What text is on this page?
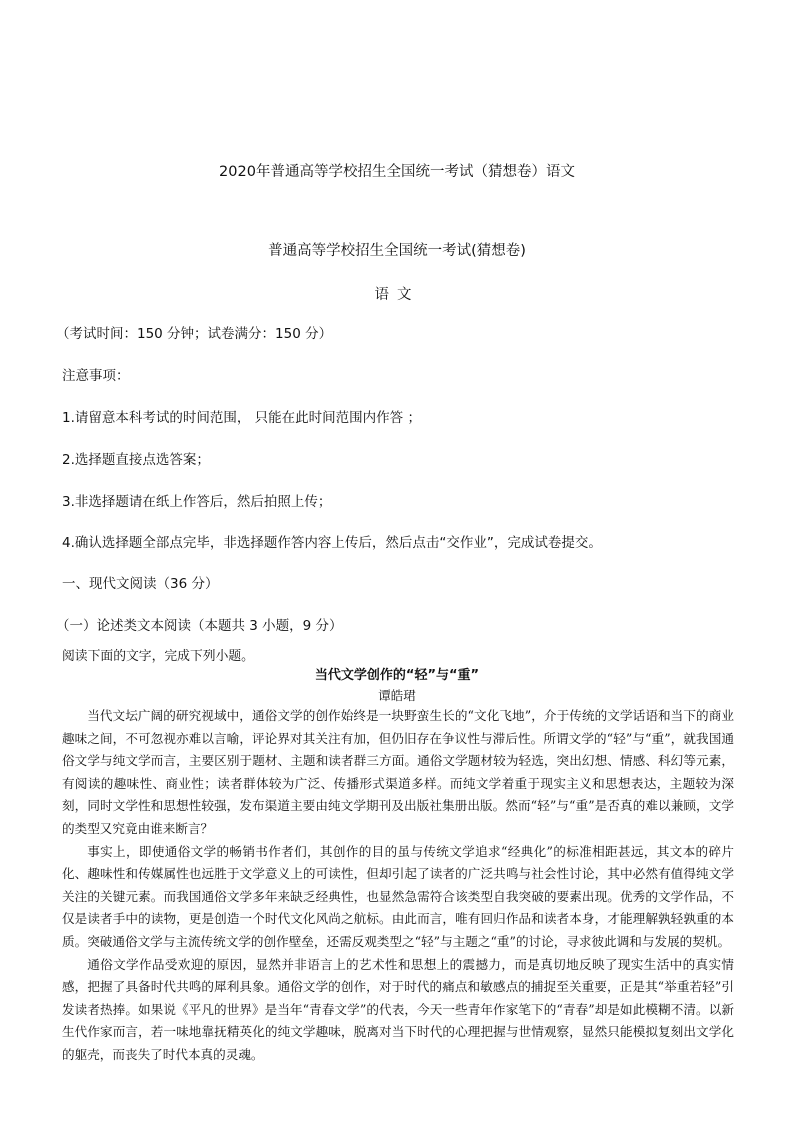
2020年普通高等学校招生全国统一考试（猜想卷）语文
普通高等学校招生全国统一考试(猜想卷)
语文
（考试时间：150 分钟；试卷满分：150 分）
注意事项：
1.请留意本科考试的时间范围， 只能在此时间范围内作答 ；
2.选择题直接点选答案；
3.非选择题请在纸上作答后，然后拍照上传；
4.确认选择题全部点完毕，非选择题作答内容上传后，然后点击“交作业”，完成试卷提交。
一、现代文阅读（36 分）
（一）论述类文本阅读（本题共 3 小题，9 分）
阅读下面的文字，完成下列小题。
当代文学创作的“轻”与“重”
谭皓珺

当代文坛广阔的研究视域中，通俗文学的创作始终是一块野蛮生长的“文化飞地”，介于传统的文学话语和当下的商业趣味之间，不可忽视亦难以言喻，评论界对其关注有加，但仍旧存在争议性与滞后性。所谓文学的“轻”与“重”，就我国通俗文学与纯文学而言，主要区别于题材、主题和读者群三方面。通俗文学题材较为轻选，突出幻想、情感、科幻等元素，有阅读的趣味性、商业性；读者群体较为广泛、传播形式渠道多样。而纯文学着重于现实主义和思想表达，主题较为深刻，同时文学性和思想性较强，发布渠道主要由纯文学期刊及出版社集册出版。然而“轻”与“重”是否真的难以兼顾，文学的类型又究竟由谁来断言？

事实上，即使通俗文学的畅销书作者们，其创作的目的虽与传统文学追求“经典化”的标准相距甚远，其文本的碎片化、趣味性和传媒属性也远胜于文学意义上的可读性，但却引起了读者的广泛共鸣与社会性讨论，其中必然有值得纯文学关注的关键元素。而我国通俗文学多年来缺乏经典性，也显然急需符合该类型自我突破的要素出现。优秀的文学作品，不仅是读者手中的读物，更是创造一个时代文化风尚之航标。由此而言，唯有回归作品和读者本身，才能理解孰轻孰重的本质。突破通俗文学与主流传统文学的创作壁垒，还需反观类型之“轻”与主题之“重”的讨论，寻求彼此调和与发展的契机。

通俗文学作品受欢迎的原因，显然并非语言上的艺术性和思想上的震撼力，而是真切地反映了现实生活中的真实情感，把握了具备时代共鸣的犀利具象。通俗文学的创作，对于时代的痛点和敏感点的捕捉至关重要，正是其“举重若轻”引发读者热捧。如果说《平凡的世界》是当年“青春文学”的代表，今天一些青年作家笔下的“青春”却是如此模糊不清。以新生代作家而言，若一味地靠抚精英化的纯文学趣味，脱离对当下时代的心理把握与世情观察，显然只能模拟复刻出文学化的躯壳，而丧失了时代本真的灵魂。
